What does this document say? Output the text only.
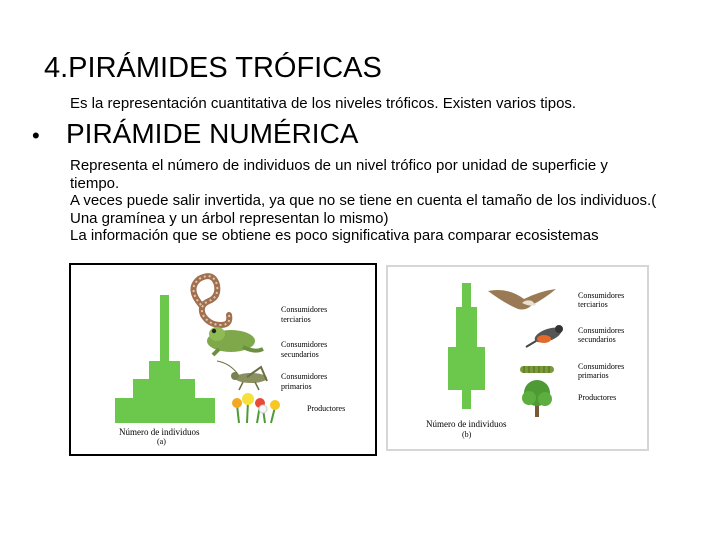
4.PIRÁMIDES TRÓFICAS

Es la representación cuantitativa de los niveles tróficos. Existen varios tipos.

• PIRÁMIDE NUMÉRICA

Representa el número de individuos de un nivel trófico por unidad de superficie y tiempo.

A veces puede salir invertida, ya que no se tiene en cuenta el tamaño de los individuos.( Una gramínea y un árbol representan lo mismo)

La información que se obtiene es poco significativa para comparar ecosistemas

Consumidores
terciarios
Consumidores
secundarios
Consumidores
primarios
Productores
Número de individuos
(a)
Consumidores
terciarios
Consumidores
secundarios
Consumidores
primarios
Productores
Número de individuos
(b)
